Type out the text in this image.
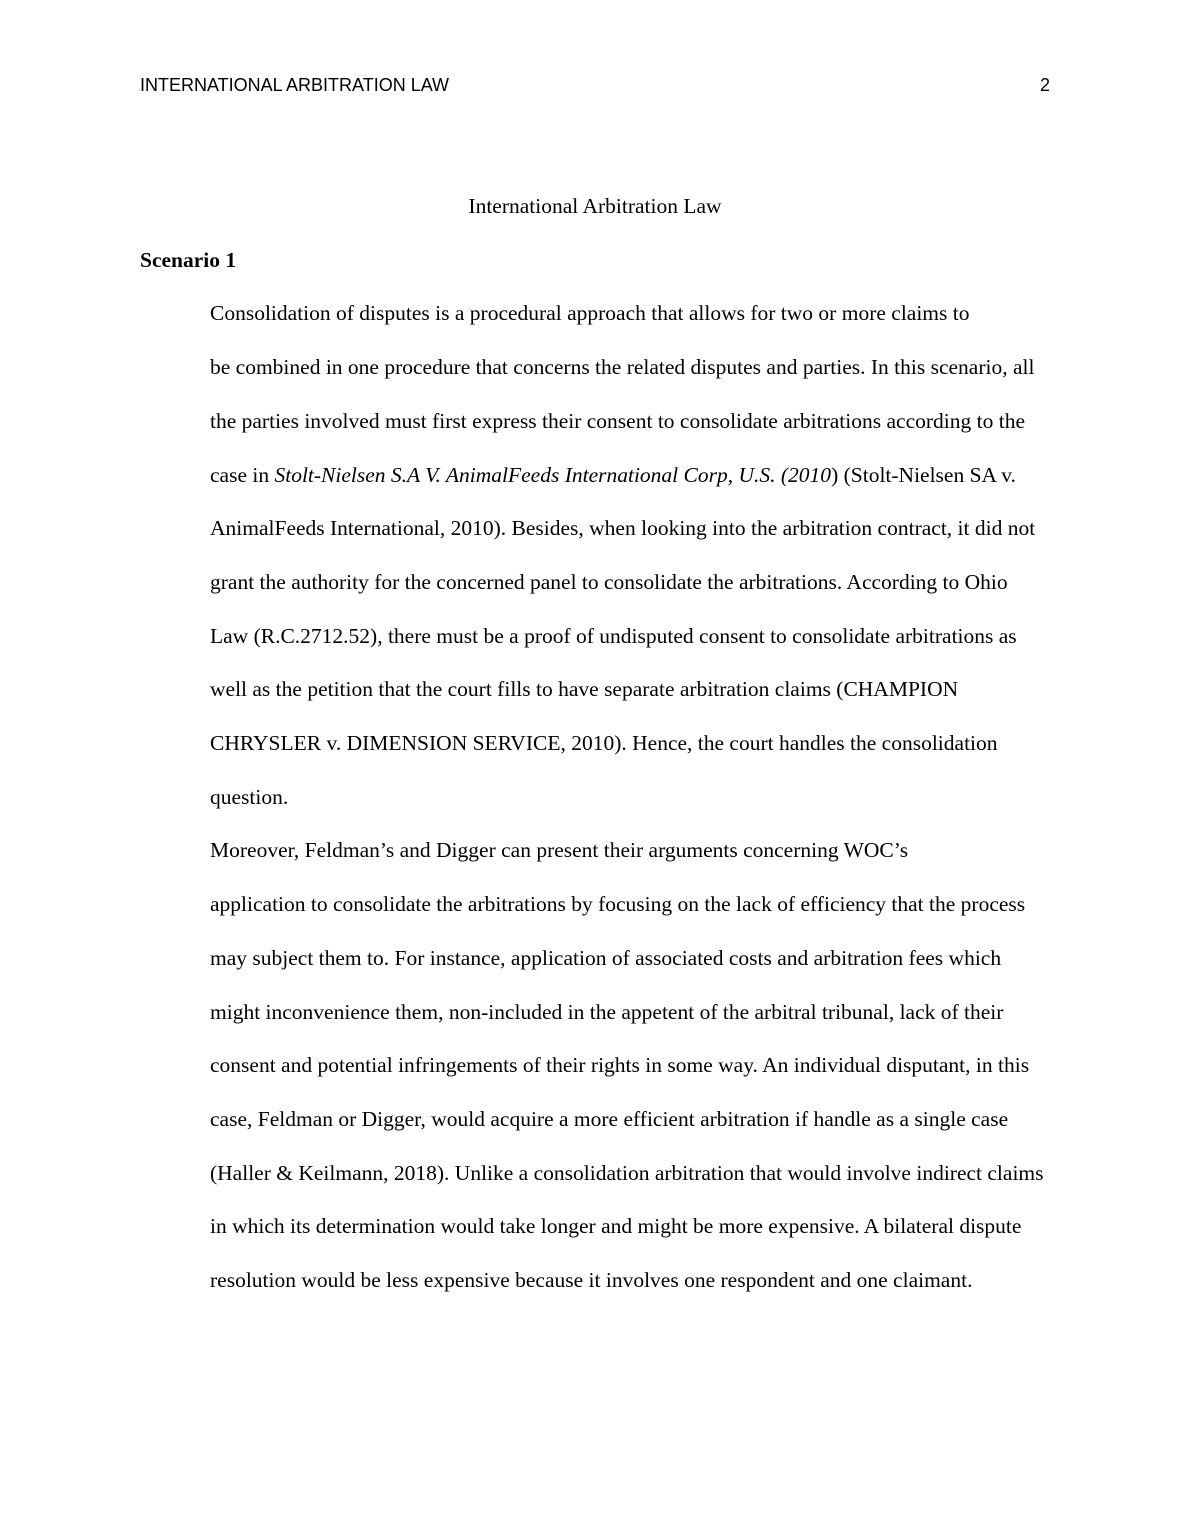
INTERNATIONAL ARBITRATION LAW	2
International Arbitration Law
Scenario 1

Consolidation of disputes is a procedural approach that allows for two or more claims to
be combined in one procedure that concerns the related disputes and parties. In this scenario, all
the parties involved must first express their consent to consolidate arbitrations according to the
case in Stolt-Nielsen S.A V. AnimalFeeds International Corp, U.S. (2010) (Stolt-Nielsen SA v.
AnimalFeeds International, 2010). Besides, when looking into the arbitration contract, it did not
grant the authority for the concerned panel to consolidate the arbitrations. According to Ohio
Law (R.C.2712.52), there must be a proof of undisputed consent to consolidate arbitrations as
well as the petition that the court fills to have separate arbitration claims (CHAMPION
CHRYSLER v. DIMENSION SERVICE, 2010). Hence, the court handles the consolidation
question.

Moreover, Feldman’s and Digger can present their arguments concerning WOC’s
application to consolidate the arbitrations by focusing on the lack of efficiency that the process
may subject them to. For instance, application of associated costs and arbitration fees which
might inconvenience them, non-included in the appetent of the arbitral tribunal, lack of their
consent and potential infringements of their rights in some way. An individual disputant, in this
case, Feldman or Digger, would acquire a more efficient arbitration if handle as a single case
(Haller & Keilmann, 2018). Unlike a consolidation arbitration that would involve indirect claims
in which its determination would take longer and might be more expensive. A bilateral dispute
resolution would be less expensive because it involves one respondent and one claimant.
